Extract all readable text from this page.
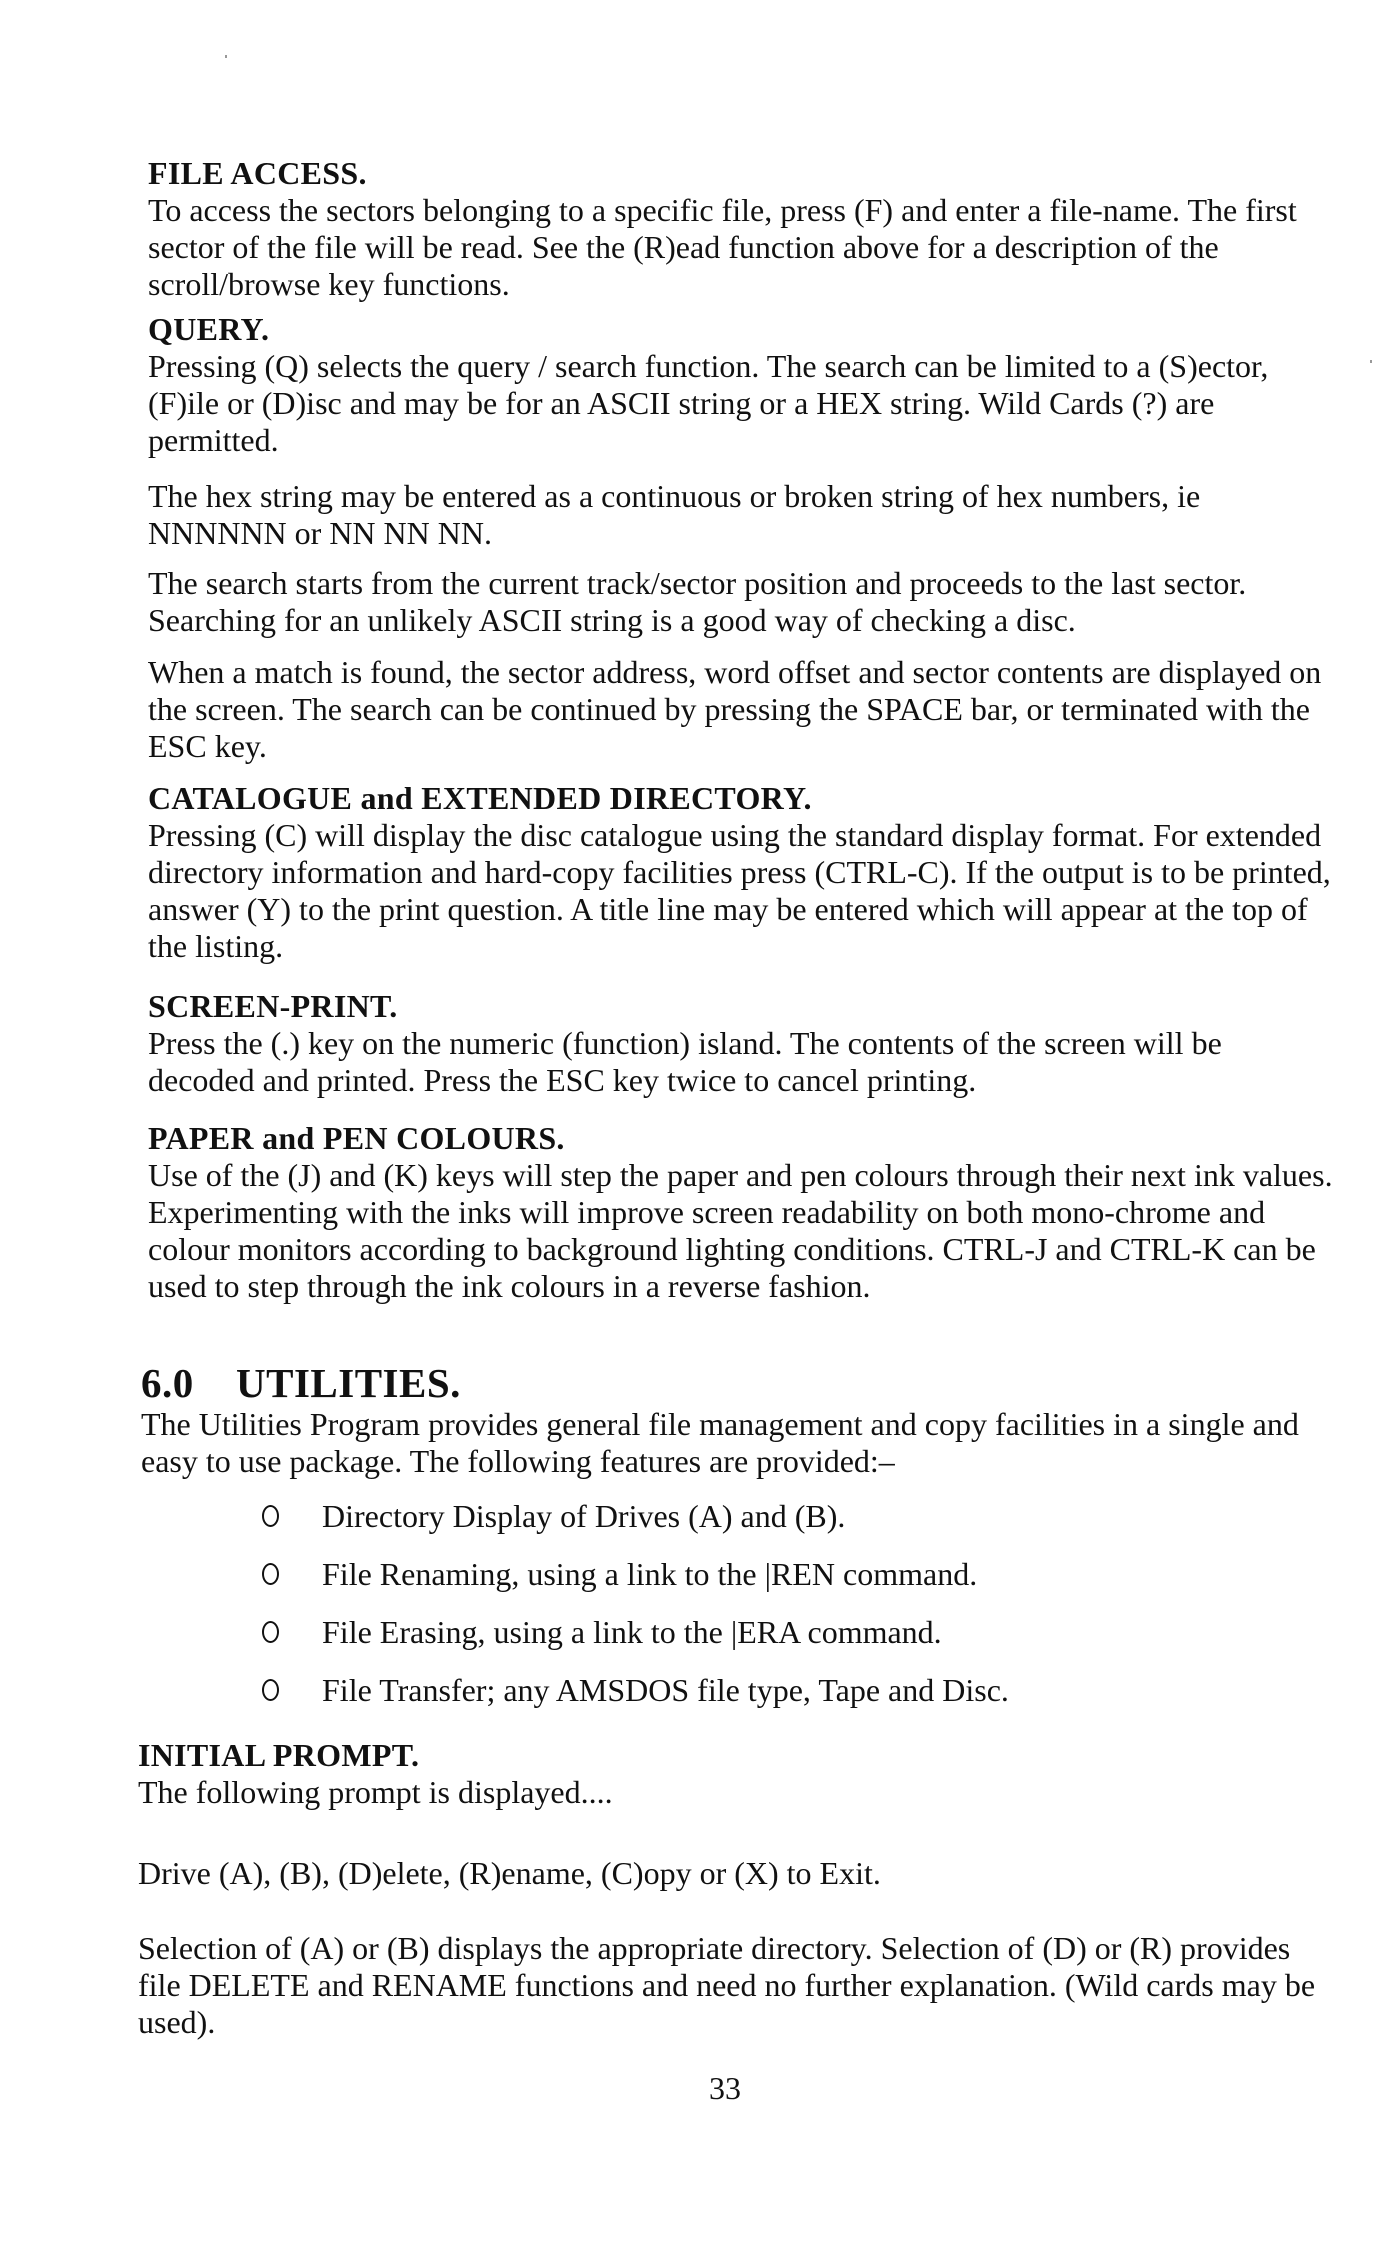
FILE ACCESS.

To access the sectors belonging to a specific file, press (F) and enter a file-name. The first sector of the file will be read. See the (R)ead function above for a description of the scroll/browse key functions.

QUERY.

Pressing (Q) selects the query / search function. The search can be limited to a (S)ector, (F)ile or (D)isc and may be for an ASCII string or a HEX string. Wild Cards (?) are permitted.

The hex string may be entered as a continuous or broken string of hex numbers, ie NNNNNN or NN NN NN.

The search starts from the current track/sector position and proceeds to the last sector. Searching for an unlikely ASCII string is a good way of checking a disc.

When a match is found, the sector address, word offset and sector contents are displayed on the screen. The search can be continued by pressing the SPACE bar, or terminated with the ESC key.

CATALOGUE and EXTENDED DIRECTORY.

Pressing (C) will display the disc catalogue using the standard display format. For extended directory information and hard-copy facilities press (CTRL-C). If the output is to be printed, answer (Y) to the print question. A title line may be entered which will appear at the top of the listing.

SCREEN-PRINT.

Press the (.) key on the numeric (function) island. The contents of the screen will be decoded and printed. Press the ESC key twice to cancel printing.

PAPER and PEN COLOURS.

Use of the (J) and (K) keys will step the paper and pen colours through their next ink values. Experimenting with the inks will improve screen readability on both mono-chrome and colour monitors according to background lighting conditions. CTRL-J and CTRL-K can be used to step through the ink colours in a reverse fashion.

6.0 UTILITIES.

The Utilities Program provides general file management and copy facilities in a single and easy to use package. The following features are provided:–

Directory Display of Drives (A) and (B).
File Renaming, using a link to the |REN command.
File Erasing, using a link to the |ERA command.
File Transfer; any AMSDOS file type, Tape and Disc.

INITIAL PROMPT.

The following prompt is displayed....

Drive (A), (B), (D)elete, (R)ename, (C)opy or (X) to Exit.

Selection of (A) or (B) displays the appropriate directory. Selection of (D) or (R) provides file DELETE and RENAME functions and need no further explanation. (Wild cards may be used).

33
